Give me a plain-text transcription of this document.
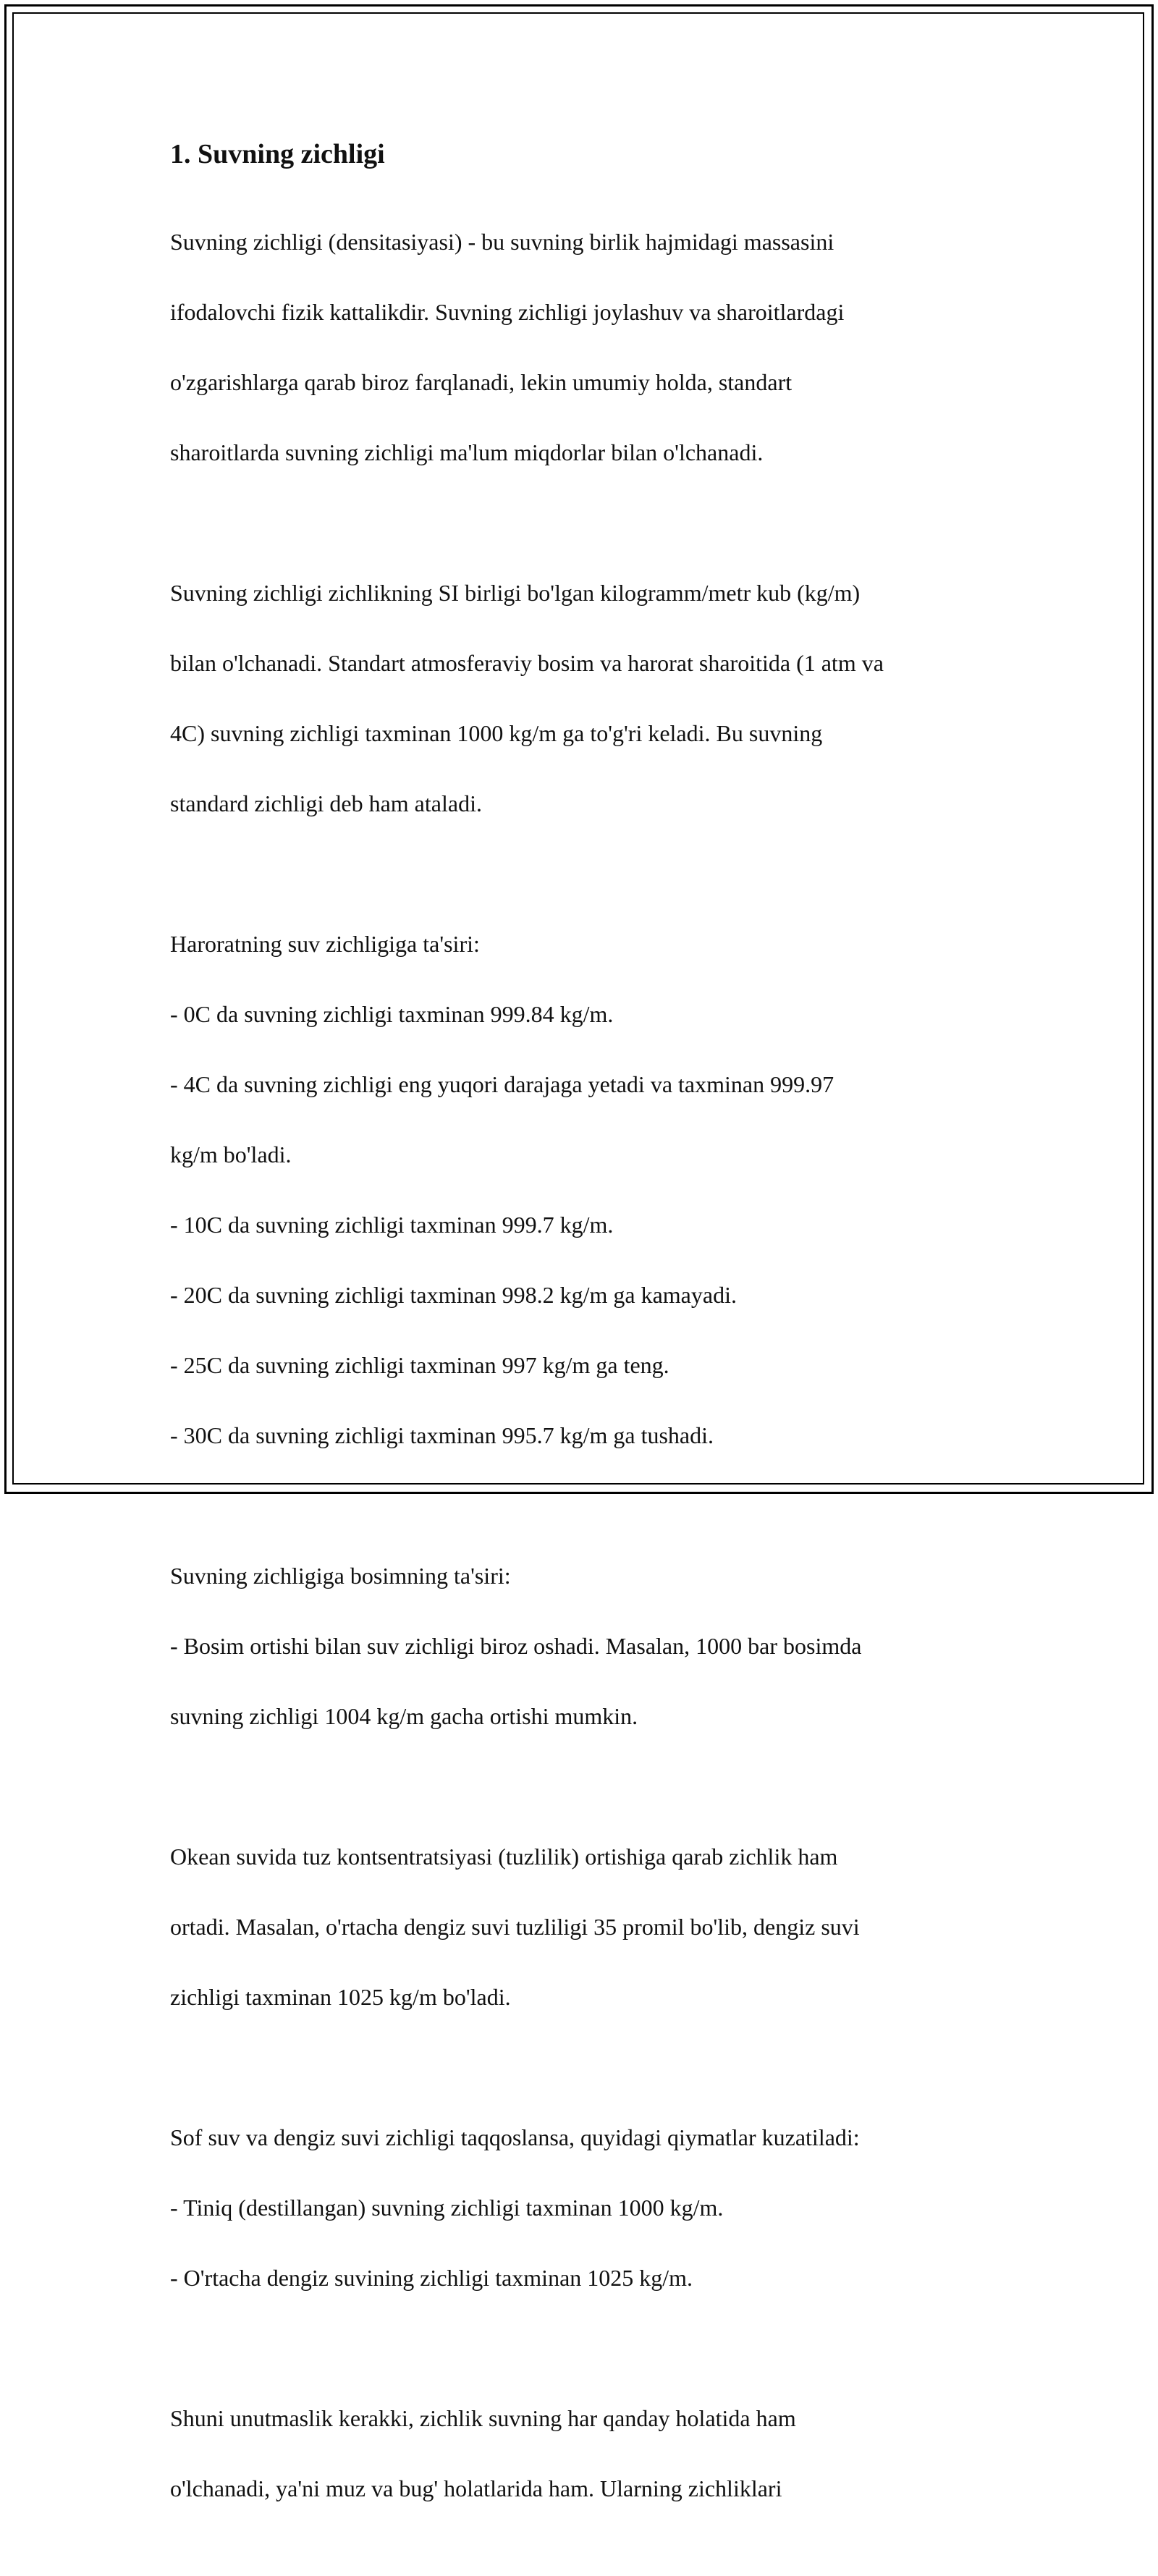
1. Suvning zichligi

Suvning zichligi (densitasiyasi) - bu suvning birlik hajmidagi massasini

ifodalovchi fizik kattalikdir. Suvning zichligi joylashuv va sharoitlardagi

o'zgarishlarga qarab biroz farqlanadi, lekin umumiy holda, standart

sharoitlarda suvning zichligi ma'lum miqdorlar bilan o'lchanadi.

Suvning zichligi zichlikning SI birligi bo'lgan kilogramm/metr kub (kg/m)

bilan o'lchanadi. Standart atmosferaviy bosim va harorat sharoitida (1 atm va

4C) suvning zichligi taxminan 1000 kg/m ga to'g'ri keladi. Bu suvning

standard zichligi deb ham ataladi.

Haroratning suv zichligiga ta'siri:

- 0C da suvning zichligi taxminan 999.84 kg/m.

- 4C da suvning zichligi eng yuqori darajaga yetadi va taxminan 999.97

kg/m bo'ladi.

- 10C da suvning zichligi taxminan 999.7 kg/m.

- 20C da suvning zichligi taxminan 998.2 kg/m ga kamayadi.

- 25C da suvning zichligi taxminan 997 kg/m ga teng.

- 30C da suvning zichligi taxminan 995.7 kg/m ga tushadi.

Suvning zichligiga bosimning ta'siri:

- Bosim ortishi bilan suv zichligi biroz oshadi. Masalan, 1000 bar bosimda

suvning zichligi 1004 kg/m gacha ortishi mumkin.

Okean suvida tuz kontsentratsiyasi (tuzlilik) ortishiga qarab zichlik ham

ortadi. Masalan, o'rtacha dengiz suvi tuzliligi 35 promil bo'lib, dengiz suvi

zichligi taxminan 1025 kg/m bo'ladi.

Sof suv va dengiz suvi zichligi taqqoslansa, quyidagi qiymatlar kuzatiladi:

- Tiniq (destillangan) suvning zichligi taxminan 1000 kg/m.

- O'rtacha dengiz suvining zichligi taxminan 1025 kg/m.

Shuni unutmaslik kerakki, zichlik suvning har qanday holatida ham

o'lchanadi, ya'ni muz va bug' holatlarida ham. Ularning zichliklari
